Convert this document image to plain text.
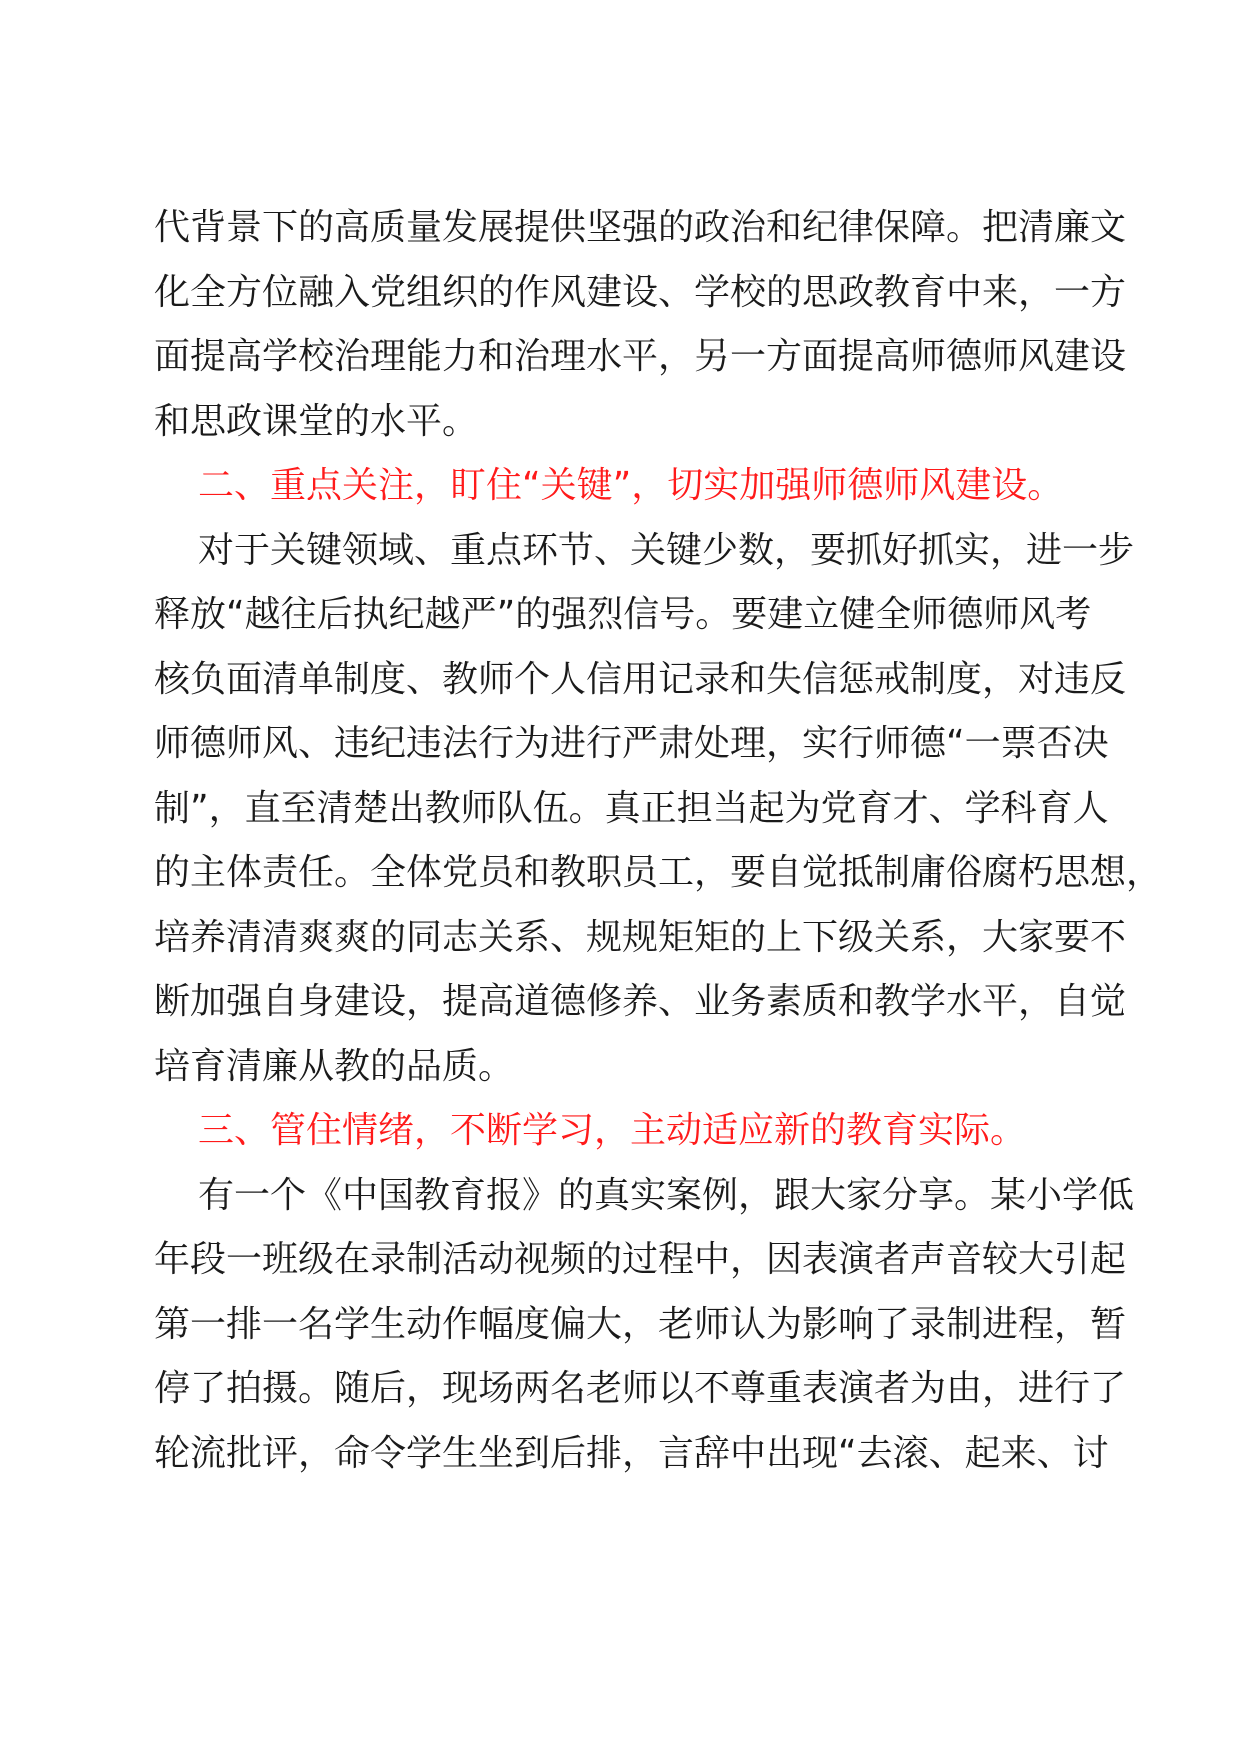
代背景下的高质量发展提供坚强的政治和纪律保障。把清廉文
化全方位融入党组织的作风建设、学校的思政教育中来，一方
面提高学校治理能力和治理水平，另一方面提高师德师风建设
和思政课堂的水平。
二、重点关注，盯住“关键”，切实加强师德师风建设。
对于关键领域、重点环节、关键少数，要抓好抓实，进一步
释放“越往后执纪越严”的强烈信号。要建立健全师德师风考
核负面清单制度、教师个人信用记录和失信惩戒制度，对违反
师德师风、违纪违法行为进行严肃处理，实行师德“一票否决
制”，直至清楚出教师队伍。真正担当起为党育才、学科育人
的主体责任。全体党员和教职员工，要自觉抵制庸俗腐朽思想，
培养清清爽爽的同志关系、规规矩矩的上下级关系，大家要不
断加强自身建设，提高道德修养、业务素质和教学水平，自觉
培育清廉从教的品质。
三、管住情绪，不断学习，主动适应新的教育实际。
有一个《中国教育报》的真实案例，跟大家分享。某小学低
年段一班级在录制活动视频的过程中，因表演者声音较大引起
第一排一名学生动作幅度偏大，老师认为影响了录制进程，暂
停了拍摄。随后，现场两名老师以不尊重表演者为由，进行了
轮流批评，命令学生坐到后排，言辞中出现“去滚、起来、讨
